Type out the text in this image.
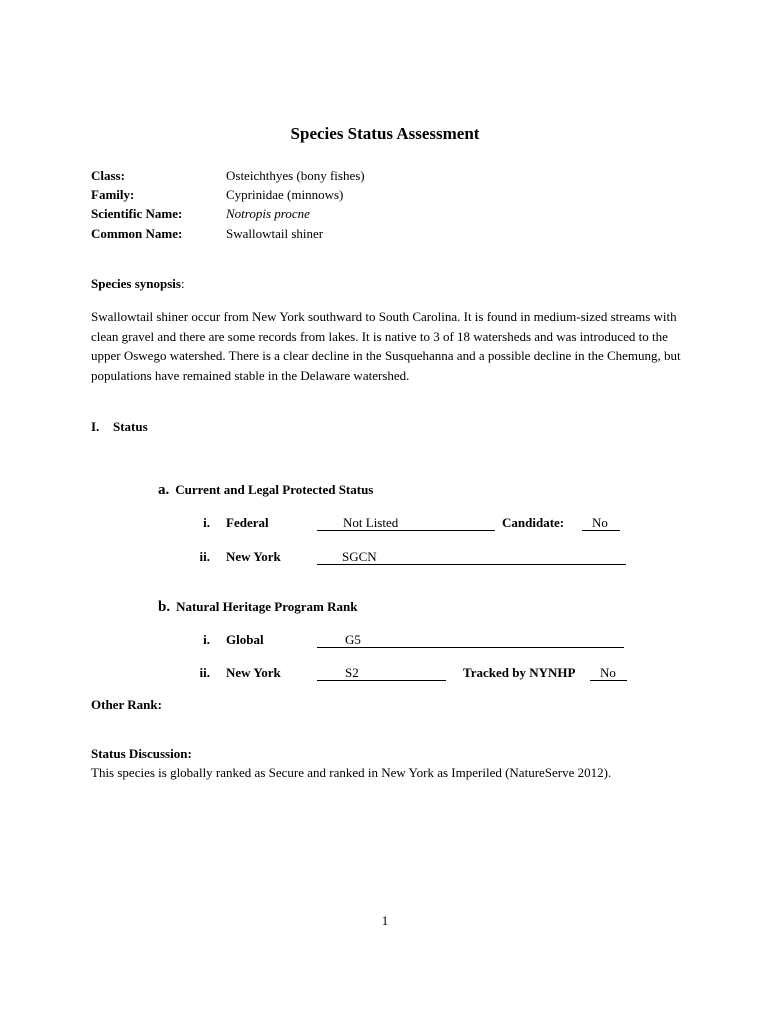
Species Status Assessment
Class:	Osteichthyes (bony fishes)
Family:	Cyprinidae (minnows)
Scientific Name:	Notropis procne
Common Name:	Swallowtail shiner
Species synopsis:

Swallowtail shiner occur from New York southward to South Carolina. It is found in medium-sized streams with clean gravel and there are some records from lakes. It is native to 3 of 18 watersheds and was introduced to the upper Oswego watershed. There is a clear decline in the Susquehanna and a possible decline in the Chemung, but populations have remained stable in the Delaware watershed.

I. Status
a. Current and Legal Protected Status
i. Federal	Not Listed	Candidate: No
ii. New York	SGCN
b. Natural Heritage Program Rank
i. Global	G5
ii. New York	S2	Tracked by NYNHP No
Other Rank:
Status Discussion:
This species is globally ranked as Secure and ranked in New York as Imperiled (NatureServe 2012).
1
